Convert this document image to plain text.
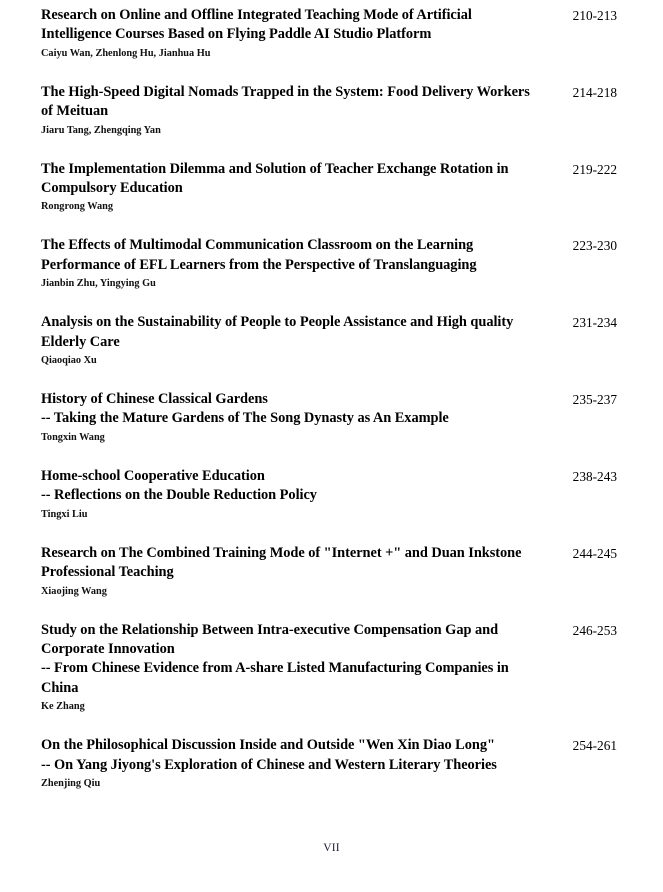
Research on Online and Offline Integrated Teaching Mode of Artificial Intelligence Courses Based on Flying Paddle AI Studio Platform
Caiyu Wan, Zhenlong Hu, Jianhua Hu
210-213
The High-Speed Digital Nomads Trapped in the System: Food Delivery Workers of Meituan
Jiaru Tang, Zhengqing Yan
214-218
The Implementation Dilemma and Solution of Teacher Exchange Rotation in Compulsory Education
Rongrong Wang
219-222
The Effects of Multimodal Communication Classroom on the Learning Performance of EFL Learners from the Perspective of Translanguaging
Jianbin Zhu, Yingying Gu
223-230
Analysis on the Sustainability of People to People Assistance and High quality Elderly Care
Qiaoqiao Xu
231-234
History of Chinese Classical Gardens
-- Taking the Mature Gardens of The Song Dynasty as An Example
Tongxin Wang
235-237
Home-school Cooperative Education
-- Reflections on the Double Reduction Policy
Tingxi Liu
238-243
Research on The Combined Training Mode of "Internet +" and Duan Inkstone Professional Teaching
Xiaojing Wang
244-245
Study on the Relationship Between Intra-executive Compensation Gap and Corporate Innovation
-- From Chinese Evidence from A-share Listed Manufacturing Companies in China
Ke Zhang
246-253
On the Philosophical Discussion Inside and Outside "Wen Xin Diao Long"
-- On Yang Jiyong's Exploration of Chinese and Western Literary Theories
Zhenjing Qiu
254-261
VII
